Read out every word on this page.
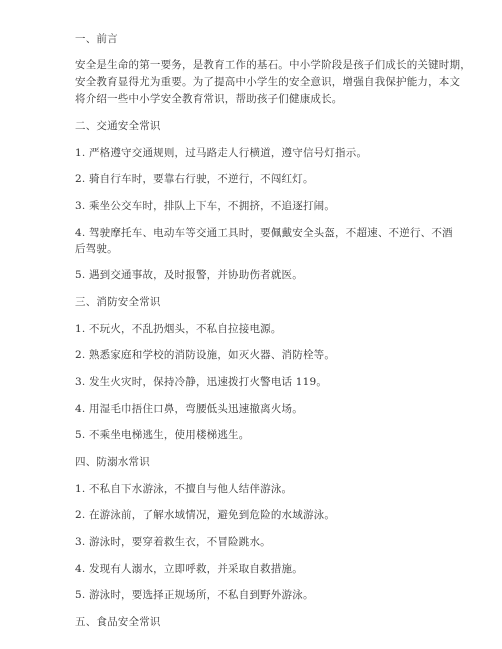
一、前言
安全是生命的第一要务，是教育工作的基石。中小学阶段是孩子们成长的关键时期，
安全教育显得尤为重要。为了提高中小学生的安全意识，增强自我保护能力，本文
将介绍一些中小学安全教育常识，帮助孩子们健康成长。
二、交通安全常识
1. 严格遵守交通规则，过马路走人行横道，遵守信号灯指示。
2. 骑自行车时，要靠右行驶，不逆行，不闯红灯。
3. 乘坐公交车时，排队上下车，不拥挤，不追逐打闹。
4. 驾驶摩托车、电动车等交通工具时，要佩戴安全头盔，不超速、不逆行、不酒
后驾驶。
5. 遇到交通事故，及时报警，并协助伤者就医。
三、消防安全常识
1. 不玩火，不乱扔烟头，不私自拉接电源。
2. 熟悉家庭和学校的消防设施，如灭火器、消防栓等。
3. 发生火灾时，保持冷静，迅速拨打火警电话 119。
4. 用湿毛巾捂住口鼻，弯腰低头迅速撤离火场。
5. 不乘坐电梯逃生，使用楼梯逃生。
四、防溺水常识
1. 不私自下水游泳，不擅自与他人结伴游泳。
2. 在游泳前，了解水域情况，避免到危险的水域游泳。
3. 游泳时，要穿着救生衣，不冒险跳水。
4. 发现有人溺水，立即呼救，并采取自救措施。
5. 游泳时，要选择正规场所，不私自到野外游泳。
五、食品安全常识
